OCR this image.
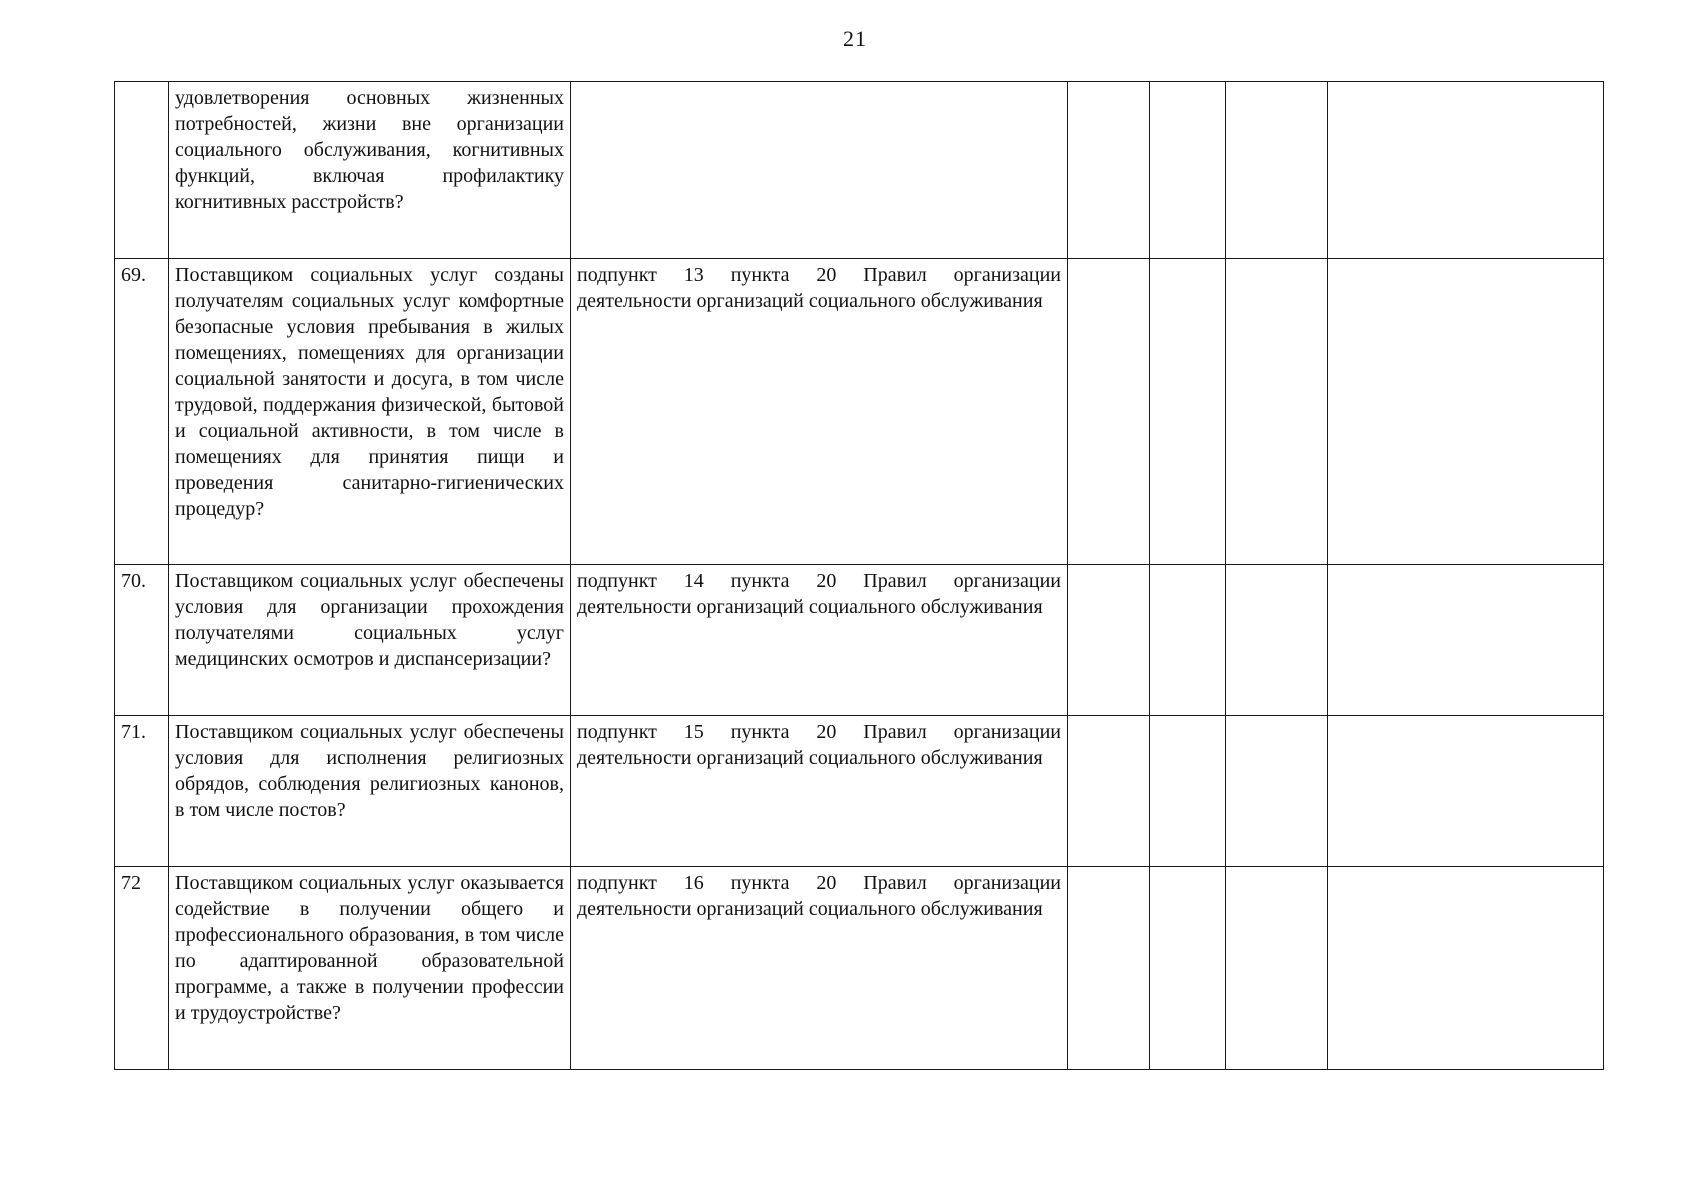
21
	удовлетворения основных жизненных потребностей, жизни вне организации социального обслуживания, когнитивных функций, включая профилактику когнитивных расстройств?					
69.	Поставщиком социальных услуг созданы получателям социальных услуг комфортные безопасные условия пребывания в жилых помещениях, помещениях для организации социальной занятости и досуга, в том числе трудовой, поддержания физической, бытовой и социальной активности, в том числе в помещениях для принятия пищи и проведения санитарно-гигиенических процедур?	подпункт 13 пункта 20 Правил организации деятельности организаций социального обслуживания				
70.	Поставщиком социальных услуг обеспечены условия для организации прохождения получателями социальных услуг медицинских осмотров и диспансеризации?	подпункт 14 пункта 20 Правил организации деятельности организаций социального обслуживания				
71.	Поставщиком социальных услуг обеспечены условия для исполнения религиозных обрядов, соблюдения религиозных канонов, в том числе постов?	подпункт 15 пункта 20 Правил организации деятельности организаций социального обслуживания				
72	Поставщиком социальных услуг оказывается содействие в получении общего и профессионального образования, в том числе по адаптированной образовательной программе, а также в получении профессии и трудоустройстве?	подпункт 16 пункта 20 Правил организации деятельности организаций социального обслуживания				
